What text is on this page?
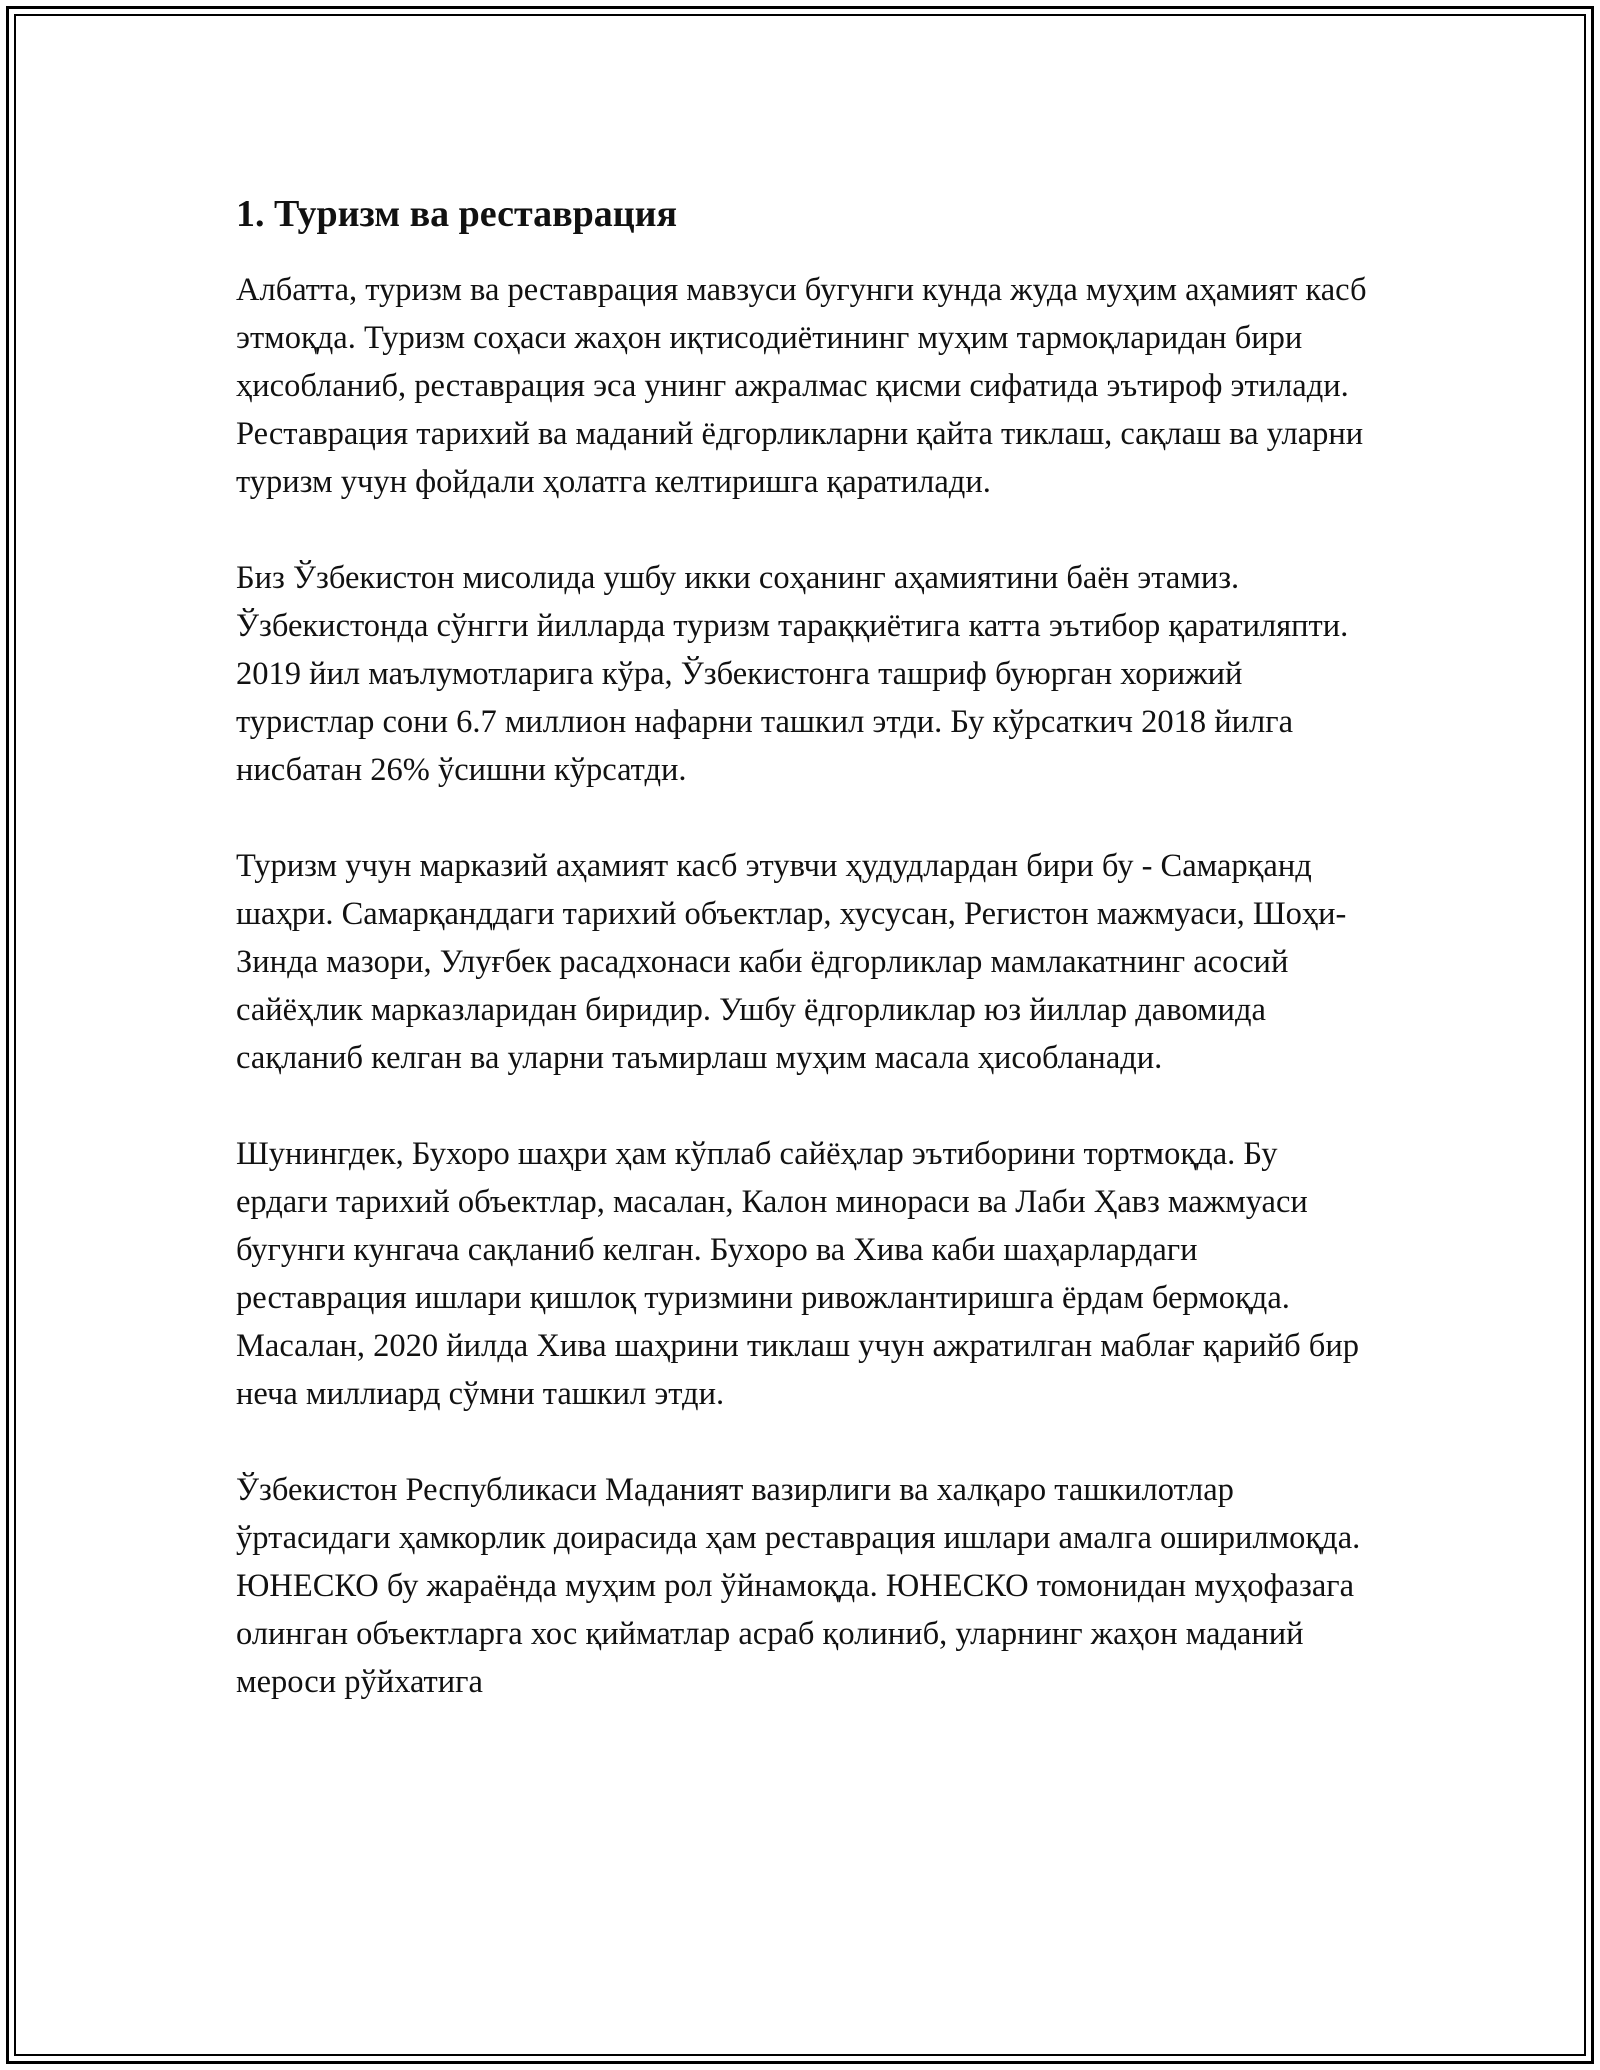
1. Туризм ва реставрация

Албатта, туризм ва реставрация мавзуси бугунги кунда жуда муҳим аҳамият касб этмоқда. Туризм соҳаси жаҳон иқтисодиётининг муҳим тармоқларидан бири ҳисобланиб, реставрация эса унинг ажралмас қисми сифатида эътироф этилади. Реставрация тарихий ва маданий ёдгорликларни қайта тиклаш, сақлаш ва уларни туризм учун фойдали ҳолатга келтиришга қаратилади.

Биз Ўзбекистон мисолида ушбу икки соҳанинг аҳамиятини баён этамиз. Ўзбекистонда сўнгги йилларда туризм тараққиётига катта эътибор қаратиляпти. 2019 йил маълумотларига кўра, Ўзбекистонга ташриф буюрган хорижий туристлар сони 6.7 миллион нафарни ташкил этди. Бу кўрсаткич 2018 йилга нисбатан 26% ўсишни кўрсатди.

Туризм учун марказий аҳамият касб этувчи ҳудудлардан бири бу - Самарқанд шаҳри. Самарқанддаги тарихий объектлар, хусусан, Регистон мажмуаси, Шоҳи-Зинда мазори, Улуғбек расадхонаси каби ёдгорликлар мамлакатнинг асосий сайёҳлик марказларидан биридир. Ушбу ёдгорликлар юз йиллар давомида сақланиб келган ва уларни таъмирлаш муҳим масала ҳисобланади.

Шунингдек, Бухоро шаҳри ҳам кўплаб сайёҳлар эътиборини тортмоқда. Бу ердаги тарихий объектлар, масалан, Калон минораси ва Лаби Ҳавз мажмуаси бугунги кунгача сақланиб келган. Бухоро ва Хива каби шаҳарлардаги реставрация ишлари қишлоқ туризмини ривожлантиришга ёрдам бермоқда. Масалан, 2020 йилда Хива шаҳрини тиклаш учун ажратилган маблағ қарийб бир неча миллиард сўмни ташкил этди.

Ўзбекистон Республикаси Маданият вазирлиги ва халқаро ташкилотлар ўртасидаги ҳамкорлик доирасида ҳам реставрация ишлари амалга оширилмоқда. ЮНЕСКО бу жараёнда муҳим рол ўйнамоқда. ЮНЕСКО томонидан муҳофазага олинган объектларга хос қийматлар асраб қолиниб, уларнинг жаҳон маданий мероси рўйхатига
